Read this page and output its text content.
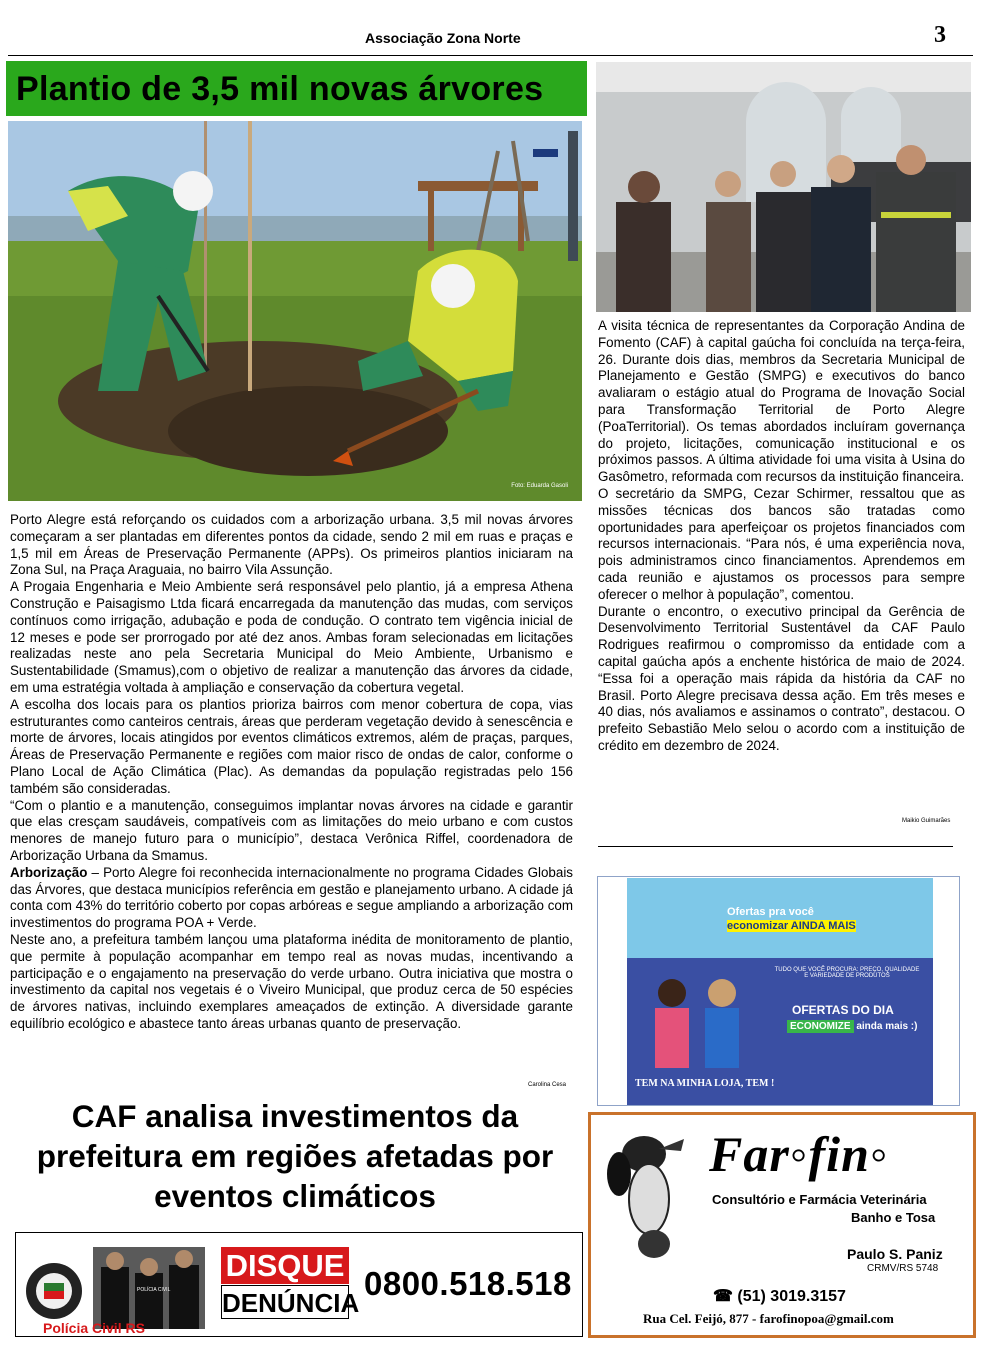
Associação Zona Norte	3
Plantio de 3,5 mil novas árvores
Foto: Eduarda Gasoli

Porto Alegre está reforçando os cuidados com a arborização urbana. 3,5 mil novas árvores começaram a ser plantadas em diferentes pontos da cidade, sendo 2 mil em ruas e praças e 1,5 mil em Áreas de Preservação Permanente (APPs). Os primeiros plantios iniciaram na Zona Sul, na Praça Araguaia, no bairro Vila Assunção.

A Progaia Engenharia e Meio Ambiente será responsável pelo plantio, já a empresa Athena Construção e Paisagismo Ltda ficará encarregada da manutenção das mudas, com serviços contínuos como irrigação, adubação e poda de condução. O contrato tem vigência inicial de 12 meses e pode ser prorrogado por até dez anos. Ambas foram selecionadas em licitações realizadas neste ano pela Secretaria Municipal do Meio Ambiente, Urbanismo e Sustentabilidade (Smamus),com o objetivo de realizar a manutenção das árvores da cidade, em uma estratégia voltada à ampliação e conservação da cobertura vegetal.

A escolha dos locais para os plantios prioriza bairros com menor cobertura de copa, vias estruturantes como canteiros centrais, áreas que perderam vegetação devido à senescência e morte de árvores, locais atingidos por eventos climáticos extremos, além de praças, parques, Áreas de Preservação Permanente e regiões com maior risco de ondas de calor, conforme o Plano Local de Ação Climática (Plac). As demandas da população registradas pelo 156 também são consideradas.

“Com o plantio e a manutenção, conseguimos implantar novas árvores na cidade e garantir que elas cresçam saudáveis, compatíveis com as limitações do meio urbano e com custos menores de manejo futuro para o município”, destaca Verônica Riffel, coordenadora de Arborização Urbana da Smamus.

Arborização – Porto Alegre foi reconhecida internacionalmente no programa Cidades Globais das Árvores, que destaca municípios referência em gestão e planejamento urbano. A cidade já conta com 43% do território coberto por copas arbóreas e segue ampliando a arborização com investimentos do programa POA + Verde.

Neste ano, a prefeitura também lançou uma plataforma inédita de monitoramento de plantio, que permite à população acompanhar em tempo real as novas mudas, incentivando a participação e o engajamento na preservação do verde urbano. Outra iniciativa que mostra o investimento da capital nos vegetais é o Viveiro Municipal, que produz cerca de 50 espécies de árvores nativas, incluindo exemplares ameaçados de extinção. A diversidade garante equilíbrio ecológico e abastece tanto áreas urbanas quanto de preservação.

Carolina Cesa

A visita técnica de representantes da Corporação Andina de Fomento (CAF) à capital gaúcha foi concluída na terça-feira, 26. Durante dois dias, membros da Secretaria Municipal de Planejamento e Gestão (SMPG) e executivos do banco avaliaram o estágio atual do Programa de Inovação Social para Transformação Territorial de Porto Alegre (PoaTerritorial). Os temas abordados incluíram governança do projeto, licitações, comunicação institucional e os próximos passos. A última atividade foi uma visita à Usina do Gasômetro, reformada com recursos da instituição financeira.

O secretário da SMPG, Cezar Schirmer, ressaltou que as missões técnicas dos bancos são tratadas como oportunidades para aperfeiçoar os projetos financiados com recursos internacionais. “Para nós, é uma experiência nova, pois administramos cinco financiamentos. Aprendemos em cada reunião e ajustamos os processos para sempre oferecer o melhor à população”, comentou.

Durante o encontro, o executivo principal da Gerência de Desenvolvimento Territorial Sustentável da CAF Paulo Rodrigues reafirmou o compromisso da entidade com a capital gaúcha após a enchente histórica de maio de 2024. “Essa foi a operação mais rápida da história da CAF no Brasil. Porto Alegre precisava dessa ação. Em três meses e 40 dias, nós avaliamos e assinamos o contrato”, destacou. O prefeito Sebastião Melo selou o acordo com a instituição de crédito em dezembro de 2024.

Maikio Guimarães
CAF analisa investimentos da prefeitura em regiões afetadas por eventos climáticos
Ofertas pra você
economizar AINDA MAIS
TUDO QUE VOCÊ PROCURA: PREÇO, QUALIDADE E VARIEDADE DE PRODUTOS
OFERTAS DO DIA
ECONOMIZE ainda mais :)
TEM NA MINHA LOJA, TEM !
POLÍCIA CIVIL
DISQUE
DENÚNCIA
0800.518.518
Polícia Civil RS
Far◦fin◦
Consultório e Farmácia Veterinária
Banho e Tosa
Paulo S. Paniz
CRMV/RS 5748
☎ (51) 3019.3157
Rua Cel. Feijó, 877 - farofinopoa@gmail.com
